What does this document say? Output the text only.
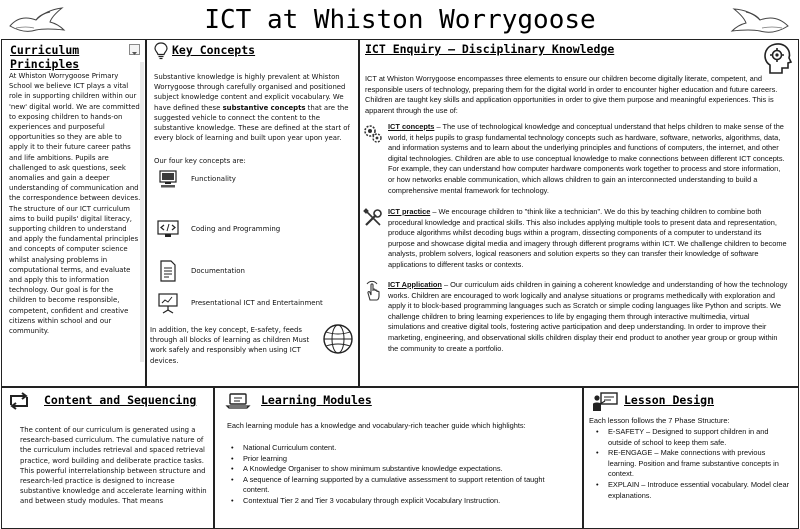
ICT at Whiston Worrygoose
Curriculum Principles
At Whiston Worrygoose Primary School we believe ICT plays a vital role in supporting children within our 'new' digital world. We are committed to exposing children to hands-on experiences and purposeful opportunities so they are able to apply it to their future career paths and life ambitions. Pupils are challenged to ask questions, seek anomalies and gain a deeper understanding of communication and the correspondence between devices. The structure of our ICT curriculum aims to build pupils' digital literacy, supporting children to understand and apply the fundamental principles and concepts of computer science whilst analysing problems in computational terms, and evaluate and apply this to information technology. Our goal is for the children to become responsible, competent, confident and creative citizens within school and our community.
Key Concepts
Substantive knowledge is highly prevalent at Whiston Worrygoose through carefully organised and positioned subject knowledge content and explicit vocabulary. We have defined these substantive concepts that are the suggested vehicle to connect the content to the substantive knowledge. These are defined at the start of every block of learning and built upon year upon year.
Our four key concepts are:
Functionality
Coding and Programming
Documentation
Presentational ICT and Entertainment
In addition, the key concept, E-safety, feeds through all blocks of learning as children Must work safely and responsibly when using ICT devices.
ICT Enquiry – Disciplinary Knowledge
ICT at Whiston Worrygoose encompasses three elements to ensure our children become digitally literate, competent, and responsible users of technology, preparing them for the digital world in order to encounter higher education and future careers. Children are taught key skills and application opportunities in order to give them purpose and meaningful experiences. This is apparent through the use of:
ICT concepts – The use of technological knowledge and conceptual understand that helps children to make sense of the world, it helps pupils to grasp fundamental technology concepts such as hardware, software, networks, algorithms, data, and information systems and to learn about the underlying principles and functions of computers, the internet, and other digital technologies. Children are able to use conceptual knowledge to make connections between different ICT concepts. For example, they can understand how computer hardware components work together to process and store information, or how networks enable communication, which allows children to gain an interconnected understanding to build a comprehensive mental framework for technology.
ICT practice – We encourage children to "think like a technician". We do this by teaching children to combine both procedural knowledge and practical skills. This also includes applying multiple tools to present data and representation, produce algorithms whilst decoding bugs within a program, dissecting components of a computer to understand its purpose and showcase digital media and imagery through different programs within ICT. We challenge children to become analysts, problem solvers, logical reasoners and solution experts so they can transfer their knowledge of software applications to different tasks or contexts.
ICT Application – Our curriculum aids children in gaining a coherent knowledge and understanding of how the technology works. Children are encouraged to work logically and analyse situations or programs methedically with exploration and apply it to block-based programming languages such as Scratch or simple coding languages like Python and scripts. We challenge children to bring learning experiences to life by engaging them through interactive multimedia, virtual simulations and creative digital tools, fostering active participation and deep understanding. In order to improve their marketing, engineering, and observational skills children display their end product to another year group or group within the community to create a portfolio.
Content and Sequencing
The content of our curriculum is generated using a research-based curriculum. The cumulative nature of the curriculum includes retrieval and spaced retrieval practice, word building and deliberate practice tasks. This powerful interrelationship between structure and research-led practice is designed to increase substantive knowledge and accelerate learning within and between study modules. That means
Learning Modules
Each learning module has a knowledge and vocabulary-rich teacher guide which highlights:
• National Curriculum content.
• Prior learning
• A Knowledge Organiser to show minimum substantive knowledge expectations.
• A sequence of learning supported by a cumulative assessment to support retention of taught content.
• Contextual Tier 2 and Tier 3 vocabulary through explicit Vocabulary Instruction.
Lesson Design
Each lesson follows the 7 Phase Structure:
• E-SAFETY – Designed to support children in and outside of school to keep them safe.
• RE-ENGAGE – Make connections with previous learning. Position and frame substantive concepts in context.
• EXPLAIN – Introduce essential vocabulary. Model clear explanations.
